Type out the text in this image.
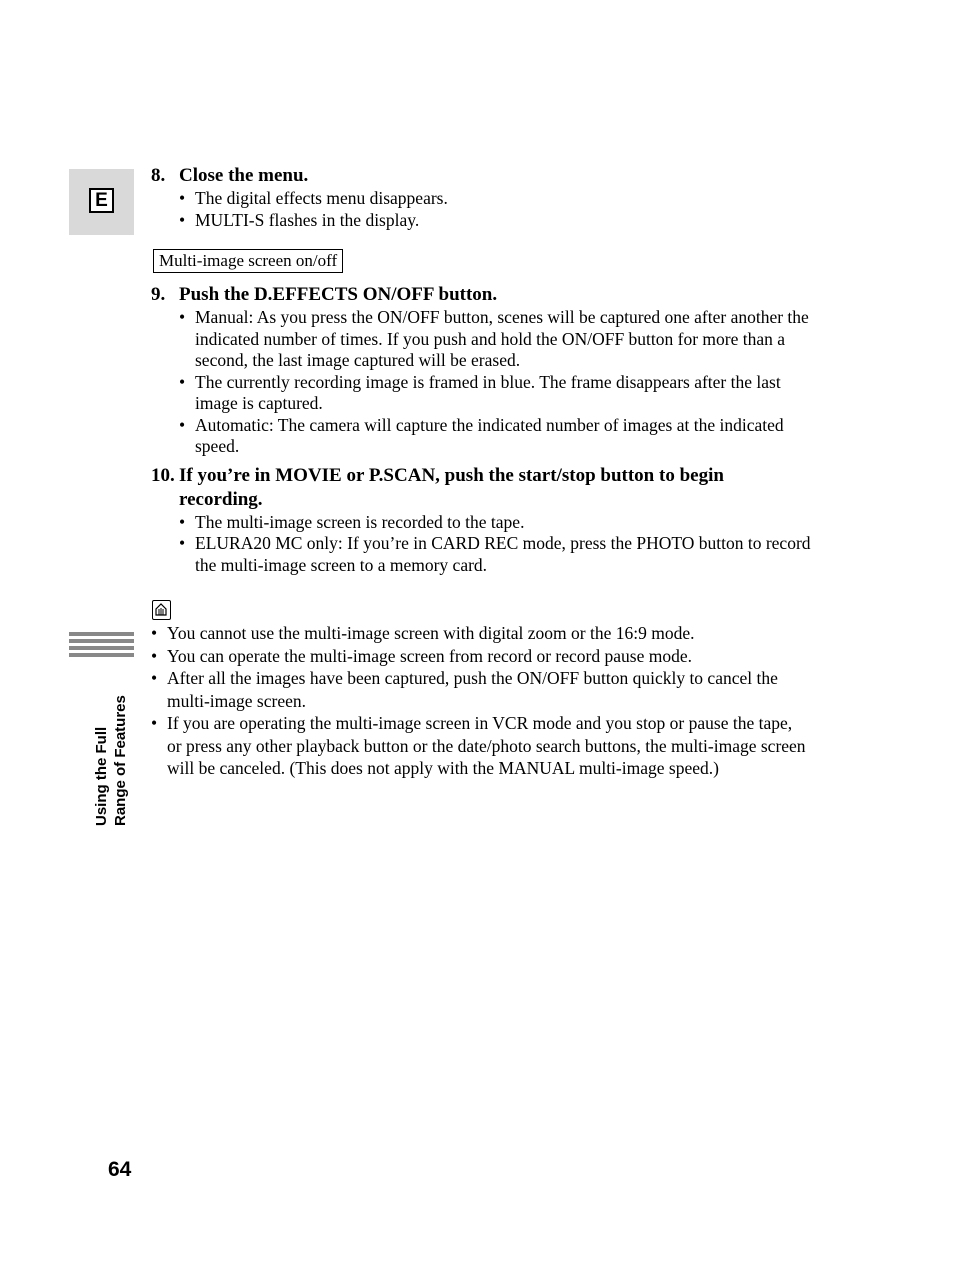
E
Using the Full Range of Features

8. Close the menu.

• The digital effects menu disappears.
• MULTI-S flashes in the display.
Multi-image screen on/off

9. Push the D.EFFECTS ON/OFF button.

• Manual: As you press the ON/OFF button, scenes will be captured one after another the indicated number of times. If you push and hold the ON/OFF button for more than a second, the last image captured will be erased.
• The currently recording image is framed in blue. The frame disappears after the last image is captured.
• Automatic: The camera will capture the indicated number of images at the indicated speed.

10. If you’re in MOVIE or P.SCAN, push the start/stop button to begin recording.

• The multi-image screen is recorded to the tape.
• ELURA20 MC only: If you’re in CARD REC mode, press the PHOTO button to record the multi-image screen to a memory card.
• You cannot use the multi-image screen with digital zoom or the 16:9 mode.
• You can operate the multi-image screen from record or record pause mode.
• After all the images have been captured, push the ON/OFF button quickly to cancel the multi-image screen.
• If you are operating the multi-image screen in VCR mode and you stop or pause the tape, or press any other playback button or the date/photo search buttons, the multi-image screen will be canceled. (This does not apply with the MANUAL multi-image speed.)
64
